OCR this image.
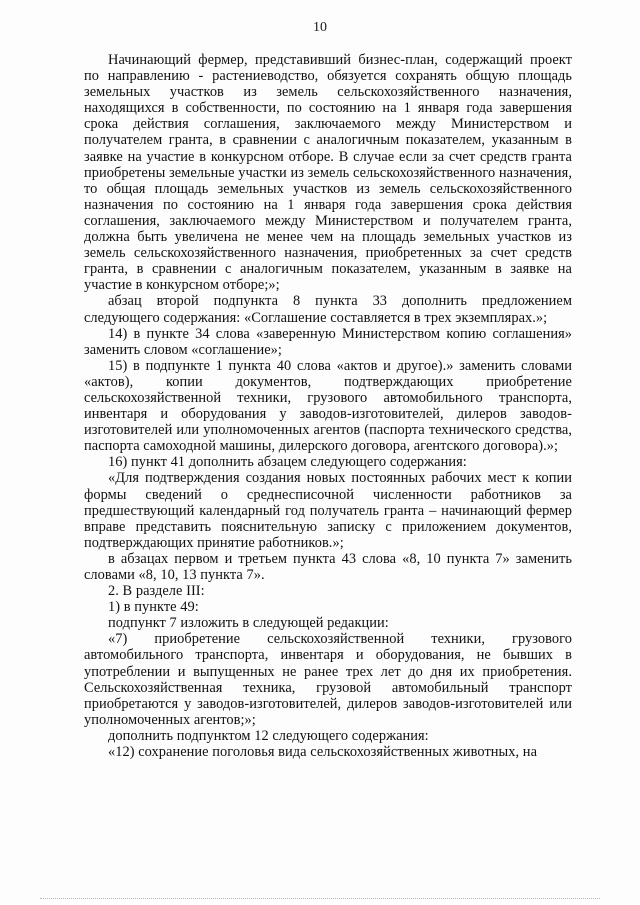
10

Начинающий фермер, представивший бизнес-план, содержащий проект по направлению - растениеводство, обязуется сохранять общую площадь земельных участков из земель сельскохозяйственного назначения, находящихся в собственности, по состоянию на 1 января года завершения срока действия соглашения, заключаемого между Министерством и получателем гранта, в сравнении с аналогичным показателем, указанным в заявке на участие в конкурсном отборе. В случае если за счет средств гранта приобретены земельные участки из земель сельскохозяйственного назначения, то общая площадь земельных участков из земель сельскохозяйственного назначения по состоянию на 1 января года завершения срока действия соглашения, заключаемого между Министерством и получателем гранта, должна быть увеличена не менее чем на площадь земельных участков из земель сельскохозяйственного назначения, приобретенных за счет средств гранта, в сравнении с аналогичным показателем, указанным в заявке на участие в конкурсном отборе;»;

абзац второй подпункта 8 пункта 33 дополнить предложением следующего содержания: «Соглашение составляется в трех экземплярах.»;

14) в пункте 34 слова «заверенную Министерством копию соглашения» заменить словом «соглашение»;

15) в подпункте 1 пункта 40 слова «актов и другое).» заменить словами «актов), копии документов, подтверждающих приобретение сельскохозяйственной техники, грузового автомобильного транспорта, инвентаря и оборудования у заводов-изготовителей, дилеров заводов-изготовителей или уполномоченных агентов (паспорта технического средства, паспорта самоходной машины, дилерского договора, агентского договора).»;

16) пункт 41 дополнить абзацем следующего содержания:

«Для подтверждения создания новых постоянных рабочих мест к копии формы сведений о среднесписочной численности работников за предшествующий календарный год получатель гранта – начинающий фермер вправе представить пояснительную записку с приложением документов, подтверждающих принятие работников.»;

в абзацах первом и третьем пункта 43 слова «8, 10 пункта 7» заменить словами «8, 10, 13 пункта 7».

2. В разделе III:

1) в пункте 49:

подпункт 7 изложить в следующей редакции:

«7) приобретение сельскохозяйственной техники, грузового автомобильного транспорта, инвентаря и оборудования, не бывших в употреблении и выпущенных не ранее трех лет до дня их приобретения. Сельскохозяйственная техника, грузовой автомобильный транспорт приобретаются у заводов-изготовителей, дилеров заводов-изготовителей или уполномоченных агентов;»;

дополнить подпунктом 12 следующего содержания:

«12) сохранение поголовья вида сельскохозяйственных животных, на
